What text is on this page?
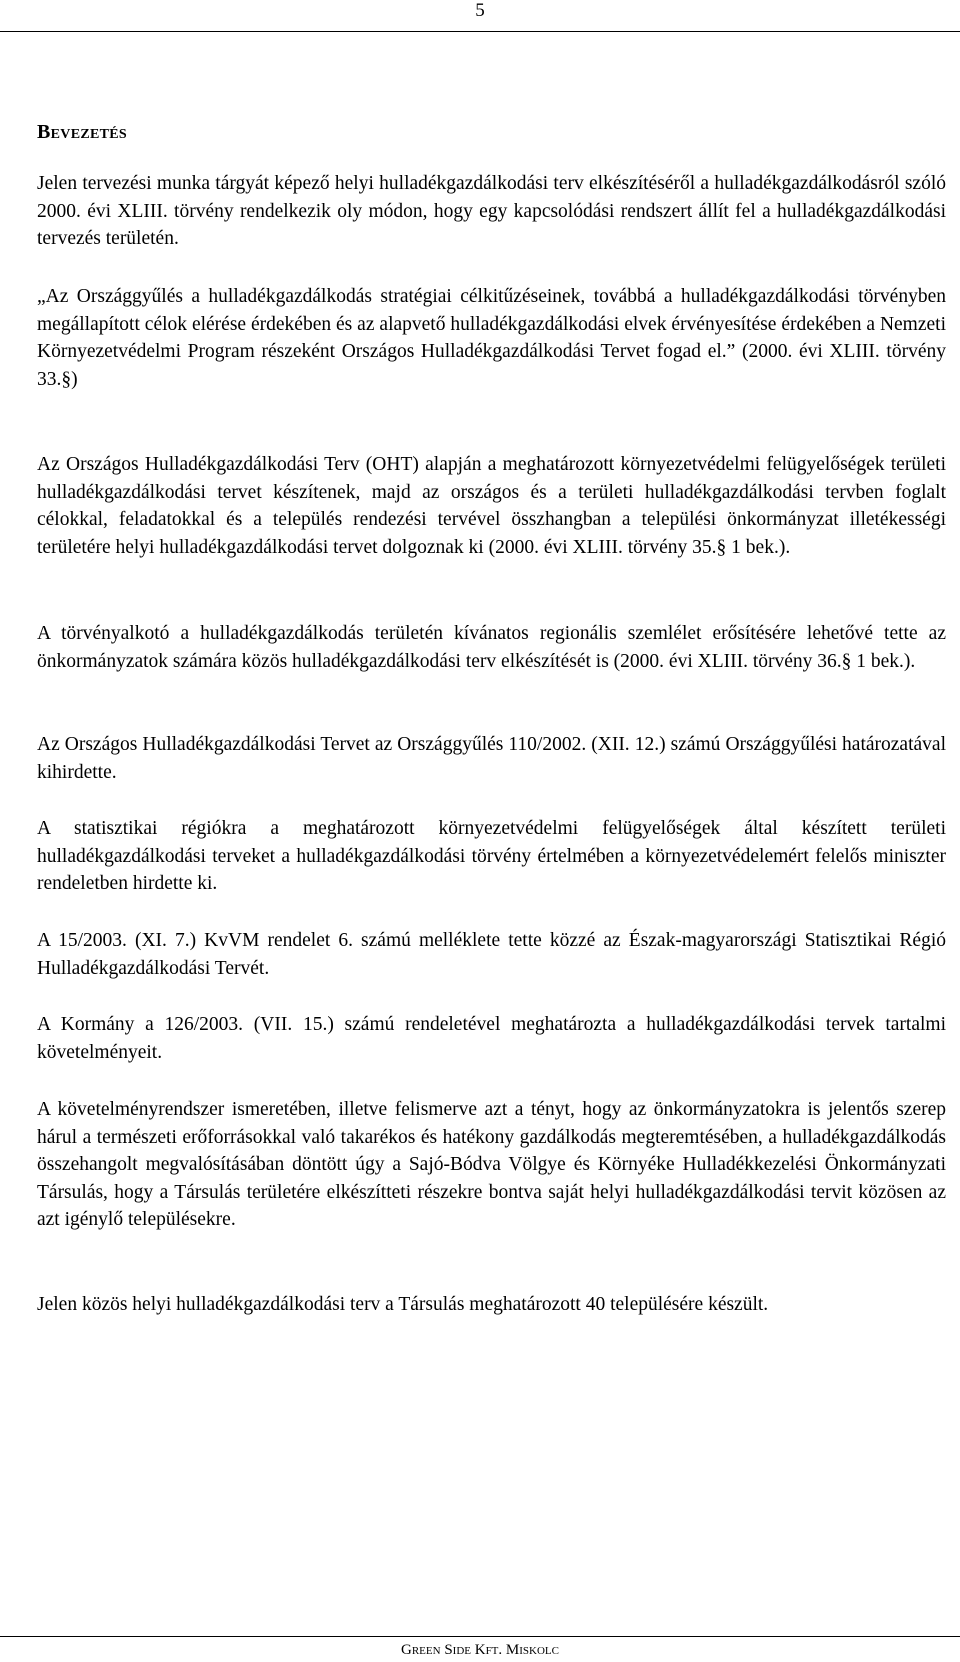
5
Bevezetés

Jelen tervezési munka tárgyát képező helyi hulladékgazdálkodási terv elkészítéséről a hulladékgazdálkodásról szóló 2000. évi XLIII. törvény rendelkezik oly módon, hogy egy kapcsolódási rendszert állít fel a hulladékgazdálkodási tervezés területén.

„Az Országgyűlés a hulladékgazdálkodás stratégiai célkitűzéseinek, továbbá a hulladékgazdálkodási törvényben megállapított célok elérése érdekében és az alapvető hulladékgazdálkodási elvek érvényesítése érdekében a Nemzeti Környezetvédelmi Program részeként Országos Hulladékgazdálkodási Tervet fogad el.” (2000. évi XLIII. törvény 33.§)

Az Országos Hulladékgazdálkodási Terv (OHT) alapján a meghatározott környezetvédelmi felügyelőségek területi hulladékgazdálkodási tervet készítenek, majd az országos és a területi hulladékgazdálkodási tervben foglalt célokkal, feladatokkal és a település rendezési tervével összhangban a települési önkormányzat illetékességi területére helyi hulladékgazdálkodási tervet dolgoznak ki (2000. évi XLIII. törvény 35.§ 1 bek.).

A törvényalkotó a hulladékgazdálkodás területén kívánatos regionális szemlélet erősítésére lehetővé tette az önkormányzatok számára közös hulladékgazdálkodási terv elkészítését is (2000. évi XLIII. törvény 36.§ 1 bek.).

Az Országos Hulladékgazdálkodási Tervet az Országgyűlés 110/2002. (XII. 12.) számú Országgyűlési határozatával kihirdette.

A statisztikai régiókra a meghatározott környezetvédelmi felügyelőségek által készített területi hulladékgazdálkodási terveket a hulladékgazdálkodási törvény értelmében a környezetvédelemért felelős miniszter rendeletben hirdette ki.

A 15/2003. (XI. 7.) KvVM rendelet 6. számú melléklete tette közzé az Észak-magyarországi Statisztikai Régió Hulladékgazdálkodási Tervét.

A Kormány a 126/2003. (VII. 15.) számú rendeletével meghatározta a hulladékgazdálkodási tervek tartalmi követelményeit.

A követelményrendszer ismeretében, illetve felismerve azt a tényt, hogy az önkormányzatokra is jelentős szerep hárul a természeti erőforrásokkal való takarékos és hatékony gazdálkodás megteremtésében, a hulladékgazdálkodás összehangolt megvalósításában döntött úgy a Sajó-Bódva Völgye és Környéke Hulladékkezelési Önkormányzati Társulás, hogy a Társulás területére elkészítteti részekre bontva saját helyi hulladékgazdálkodási tervit közösen az azt igénylő településekre.

Jelen közös helyi hulladékgazdálkodási terv a Társulás meghatározott 40 településére készült.

Green Side Kft. Miskolc
